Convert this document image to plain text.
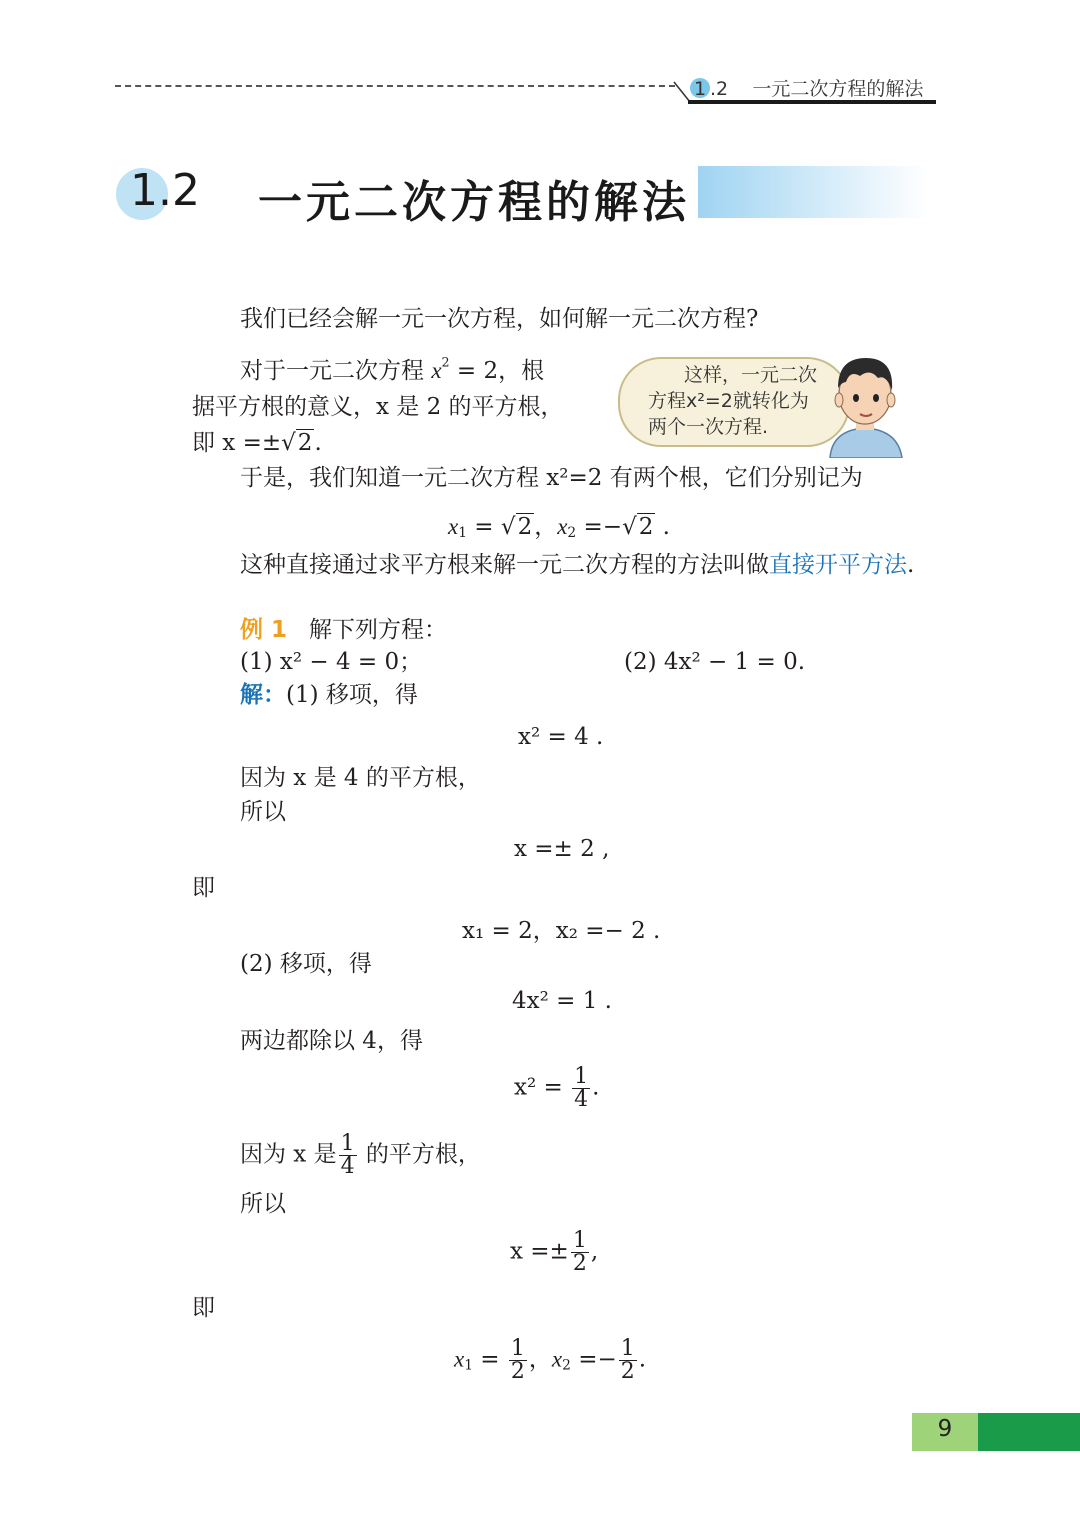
1 .2 一元二次方程的解法
1.2 一元二次方程的解法
我们已经会解一元一次方程，如何解一元二次方程?
对于一元二次方程 $x^2 = 2$，根
据平方根的意义，x 是 2 的平方根，
即 x =±√2.
这样，一元二次
方程x²=2就转化为
两个一次方程.
于是，我们知道一元二次方程 x²=2 有两个根，它们分别记为
$x_1 = √2$，$x_2 =-√2$ .
这种直接通过求平方根来解一元二次方程的方法叫做直接开平方法.
例 1 解下列方程：
(1) x² − 4 = 0；	(2) 4x² − 1 = 0.
解：(1) 移项，得
x² = 4 .
因为 x 是 4 的平方根，
所以
x =± 2 ,
即
x₁ = 2，x₂ =− 2 .
(2) 移项，得
4x² = 1 .
两边都除以 4，得
$x^2 = \frac{1}{4}$ .
因为 x 是 $\frac{1}{4}$ 的平方根，
所以
$x =\pm \frac{1}{2}$ ,
即
$x_1 = \frac{1}{2}$ ，$x_2 =- \frac{1}{2}$ .
9
